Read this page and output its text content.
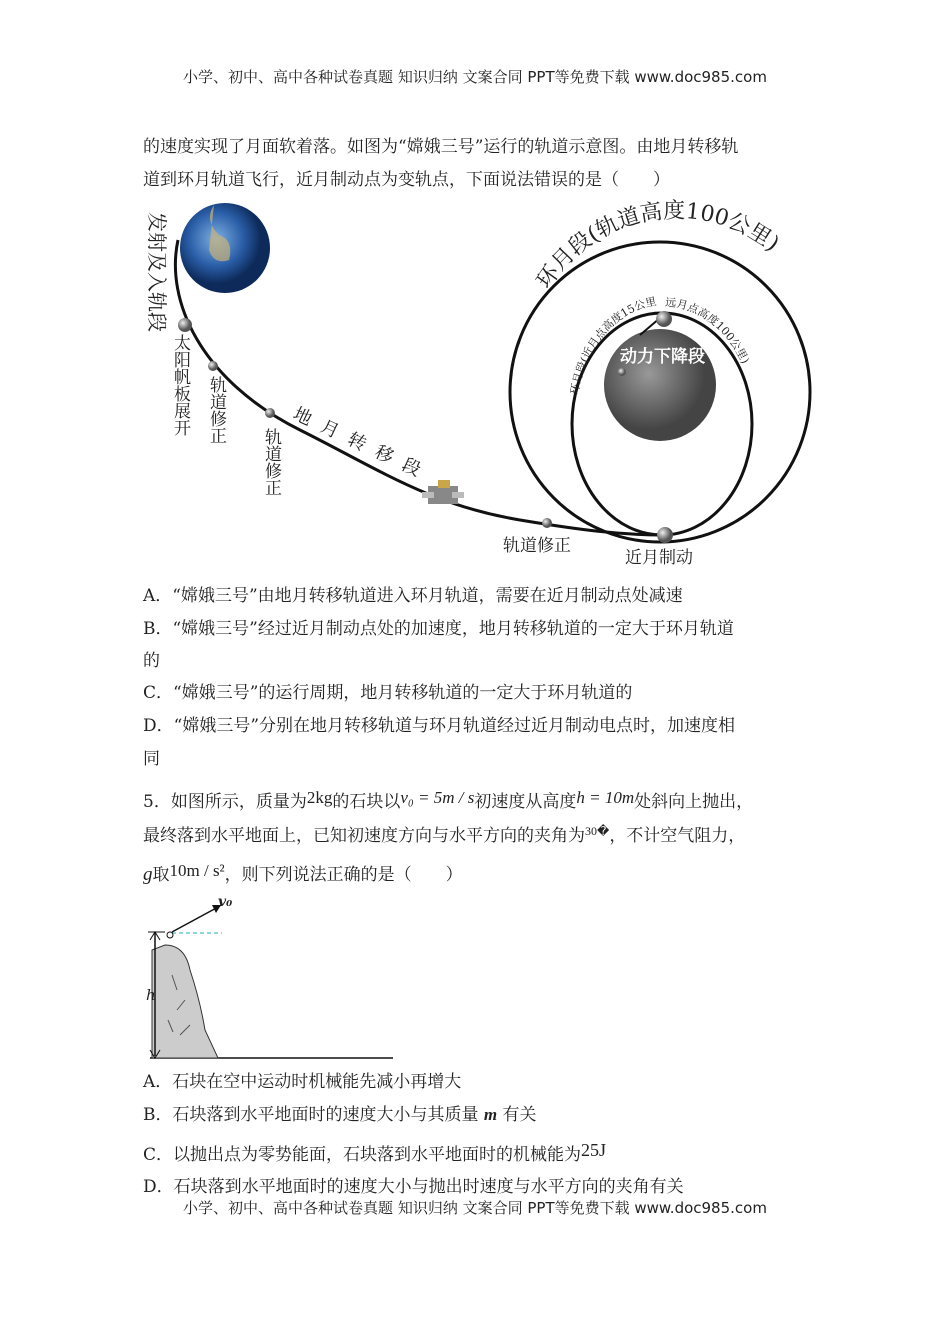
小学、初中、高中各种试卷真题 知识归纳 文案合同 PPT等免费下载 www.doc985.com
的速度实现了月面软着落。如图为“嫦娥三号”运行的轨道示意图。由地月转移轨
道到环月轨道飞行，近月制动点为变轨点，下面说法错误的是（　　）
发射及入轨段
太阳帆板展开 轨道修正
轨道修正 地月转移段
轨道修正
近月制动
环月段(轨道高度100公里)
环月段(近月点高度15公里 远月点高度100公里)
动力下降段
v₀
h
A．“嫦娥三号”由地月转移轨道进入环月轨道，需要在近月制动点处减速
B．“嫦娥三号”经过近月制动点处的加速度，地月转移轨道的一定大于环月轨道
的
C．“嫦娥三号”的运行周期，地月转移轨道的一定大于环月轨道的
D．“嫦娥三号”分别在地月转移轨道与环月轨道经过近月制动电点时，加速度相
同
5．如图所示，质量为2kg的石块以v₀ = 5m / s初速度从高度h = 10m处斜向上抛出，
最终落到水平地面上，已知初速度方向与水平方向的夹角为$^{30�}$，不计空气阻力，
g取10m / s²，则下列说法正确的是（　　）
A．石块在空中运动时机械能先减小再增大
B．石块落到水平地面时的速度大小与其质量 m 有关
C．以抛出点为零势能面，石块落到水平地面时的机械能为25J
D．石块落到水平地面时的速度大小与抛出时速度与水平方向的夹角有关
小学、初中、高中各种试卷真题 知识归纳 文案合同 PPT等免费下载 www.doc985.com
